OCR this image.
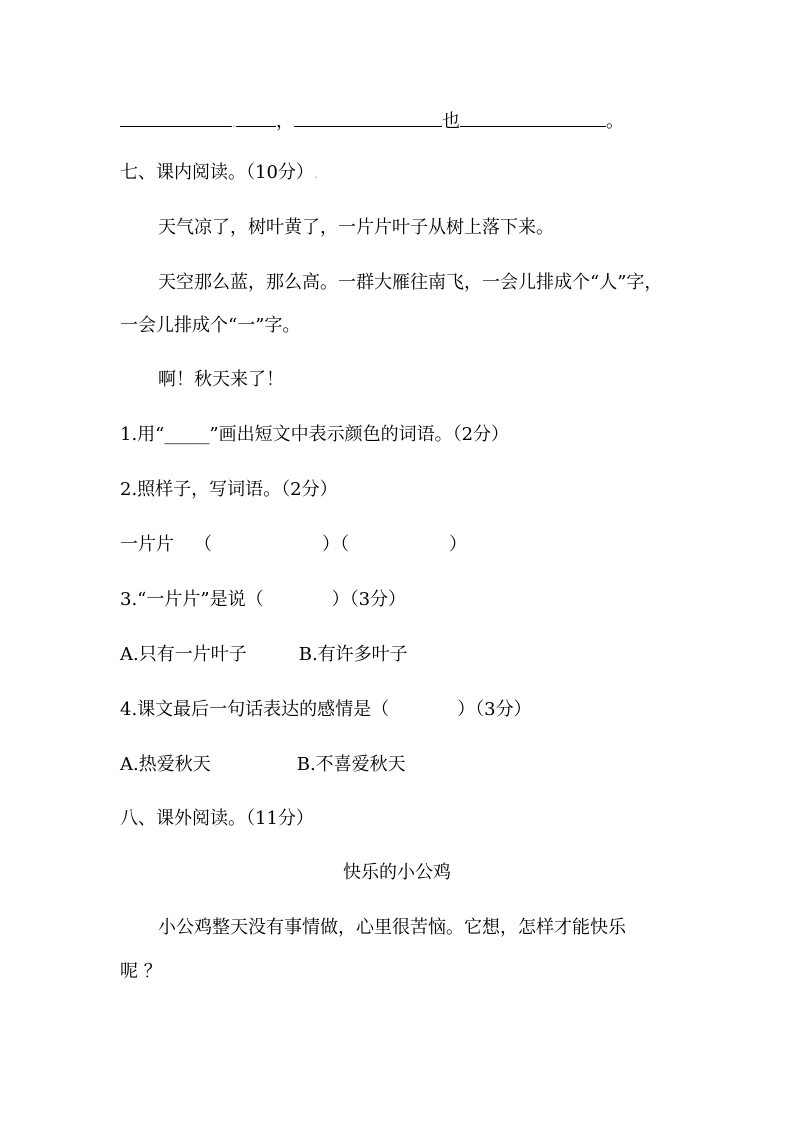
. ，	也	。
七、课内阅读。（10分）.
天气凉了，树叶黄了，一片片叶子从树上落下来。
天空那么蓝，那么高。一群大雁往南飞，一会儿排成个“人”字，
一会儿排成个“一”字。
啊！秋天来了！
1.用“_____”画出短文中表示颜色的词语。（2分）
2.照样子，写词语。（2分）
一片片 （	）（	）
3.“一片片”是说（	）（3分）
A.只有一片叶子	B.有许多叶子
4.课文最后一句话表达的感情是（	）（3分）
A.热爱秋天	B.不喜爱秋天
八、课外阅读。（11分）
快乐的小公鸡
小公鸡整天没有事情做，心里很苦恼。它想，怎样才能快乐
呢 ？
